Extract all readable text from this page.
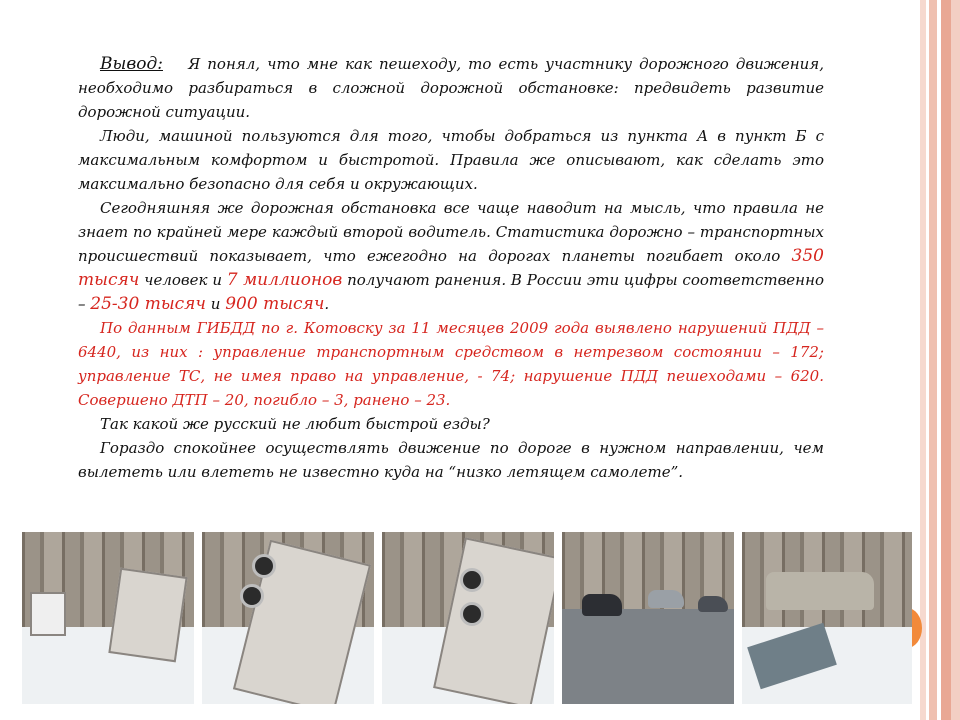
Вывод: Я понял, что мне как пешеходу, то есть участнику дорожного движения, необходимо разбираться в сложной дорожной обстановке: предвидеть развитие дорожной ситуации.

Люди, машиной пользуются для того, чтобы добраться из пункта А в пункт Б с максимальным комфортом и быстротой. Правила же описывают, как сделать это максимально безопасно для себя и окружающих.

Сегодняшняя же дорожная обстановка все чаще наводит на мысль, что правила не знает по крайней мере каждый второй водитель. Статистика дорожно – транспортных происшествий показывает, что ежегодно на дорогах планеты погибает около 350 тысяч человек и 7 миллионов получают ранения. В России эти цифры соответственно – 25-30 тысяч и 900 тысяч.

По данным ГИБДД по г. Котовску за 11 месяцев 2009 года выявлено нарушений ПДД – 6440, из них : управление транспортным средством в нетрезвом состоянии – 172; управление ТС, не имея право на управление, - 74; нарушение ПДД пешеходами – 620. Совершено ДТП – 20, погибло – 3, ранено – 23.

Так какой же русский не любит быстрой езды?

Гораздо спокойнее осуществлять движение по дороге в нужном направлении, чем вылететь или влететь не известно куда на “низко летящем самолете”.
